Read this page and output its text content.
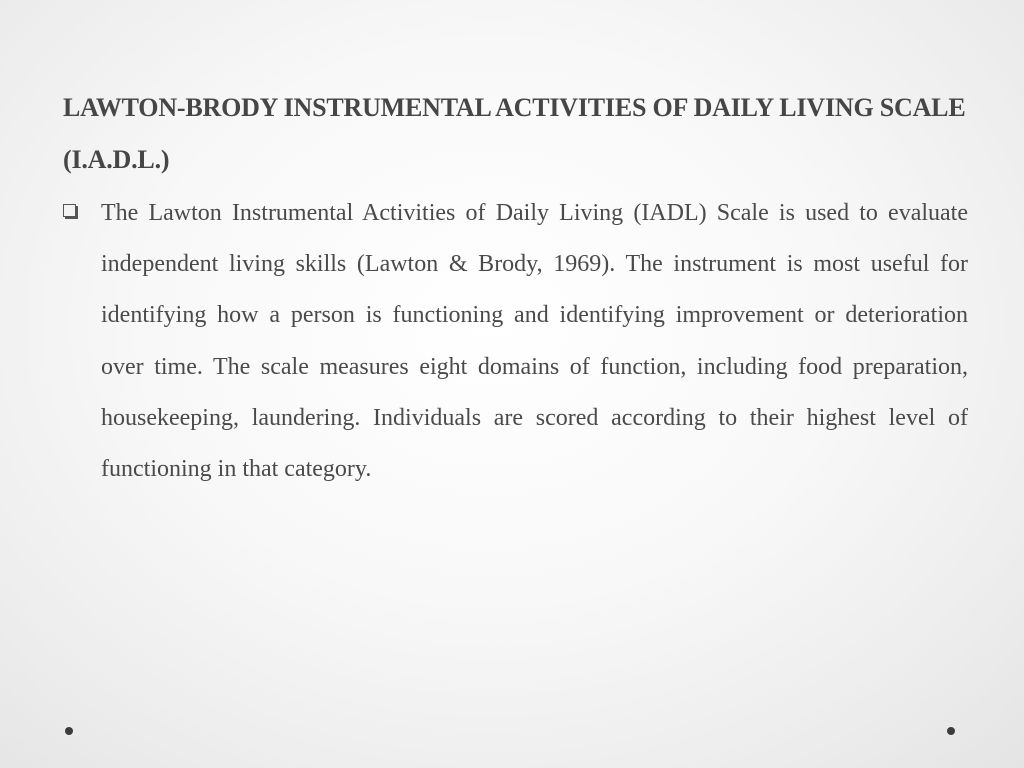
LAWTON-BRODY INSTRUMENTAL ACTIVITIES OF DAILY LIVING SCALE (I.A.D.L.)
The Lawton Instrumental Activities of Daily Living (IADL) Scale is used to evaluate independent living skills (Lawton & Brody, 1969). The instrument is most useful for identifying how a person is functioning and identifying improvement or deterioration over time. The scale measures eight domains of function, including food preparation, housekeeping, laundering. Individuals are scored according to their highest level of functioning in that category.
